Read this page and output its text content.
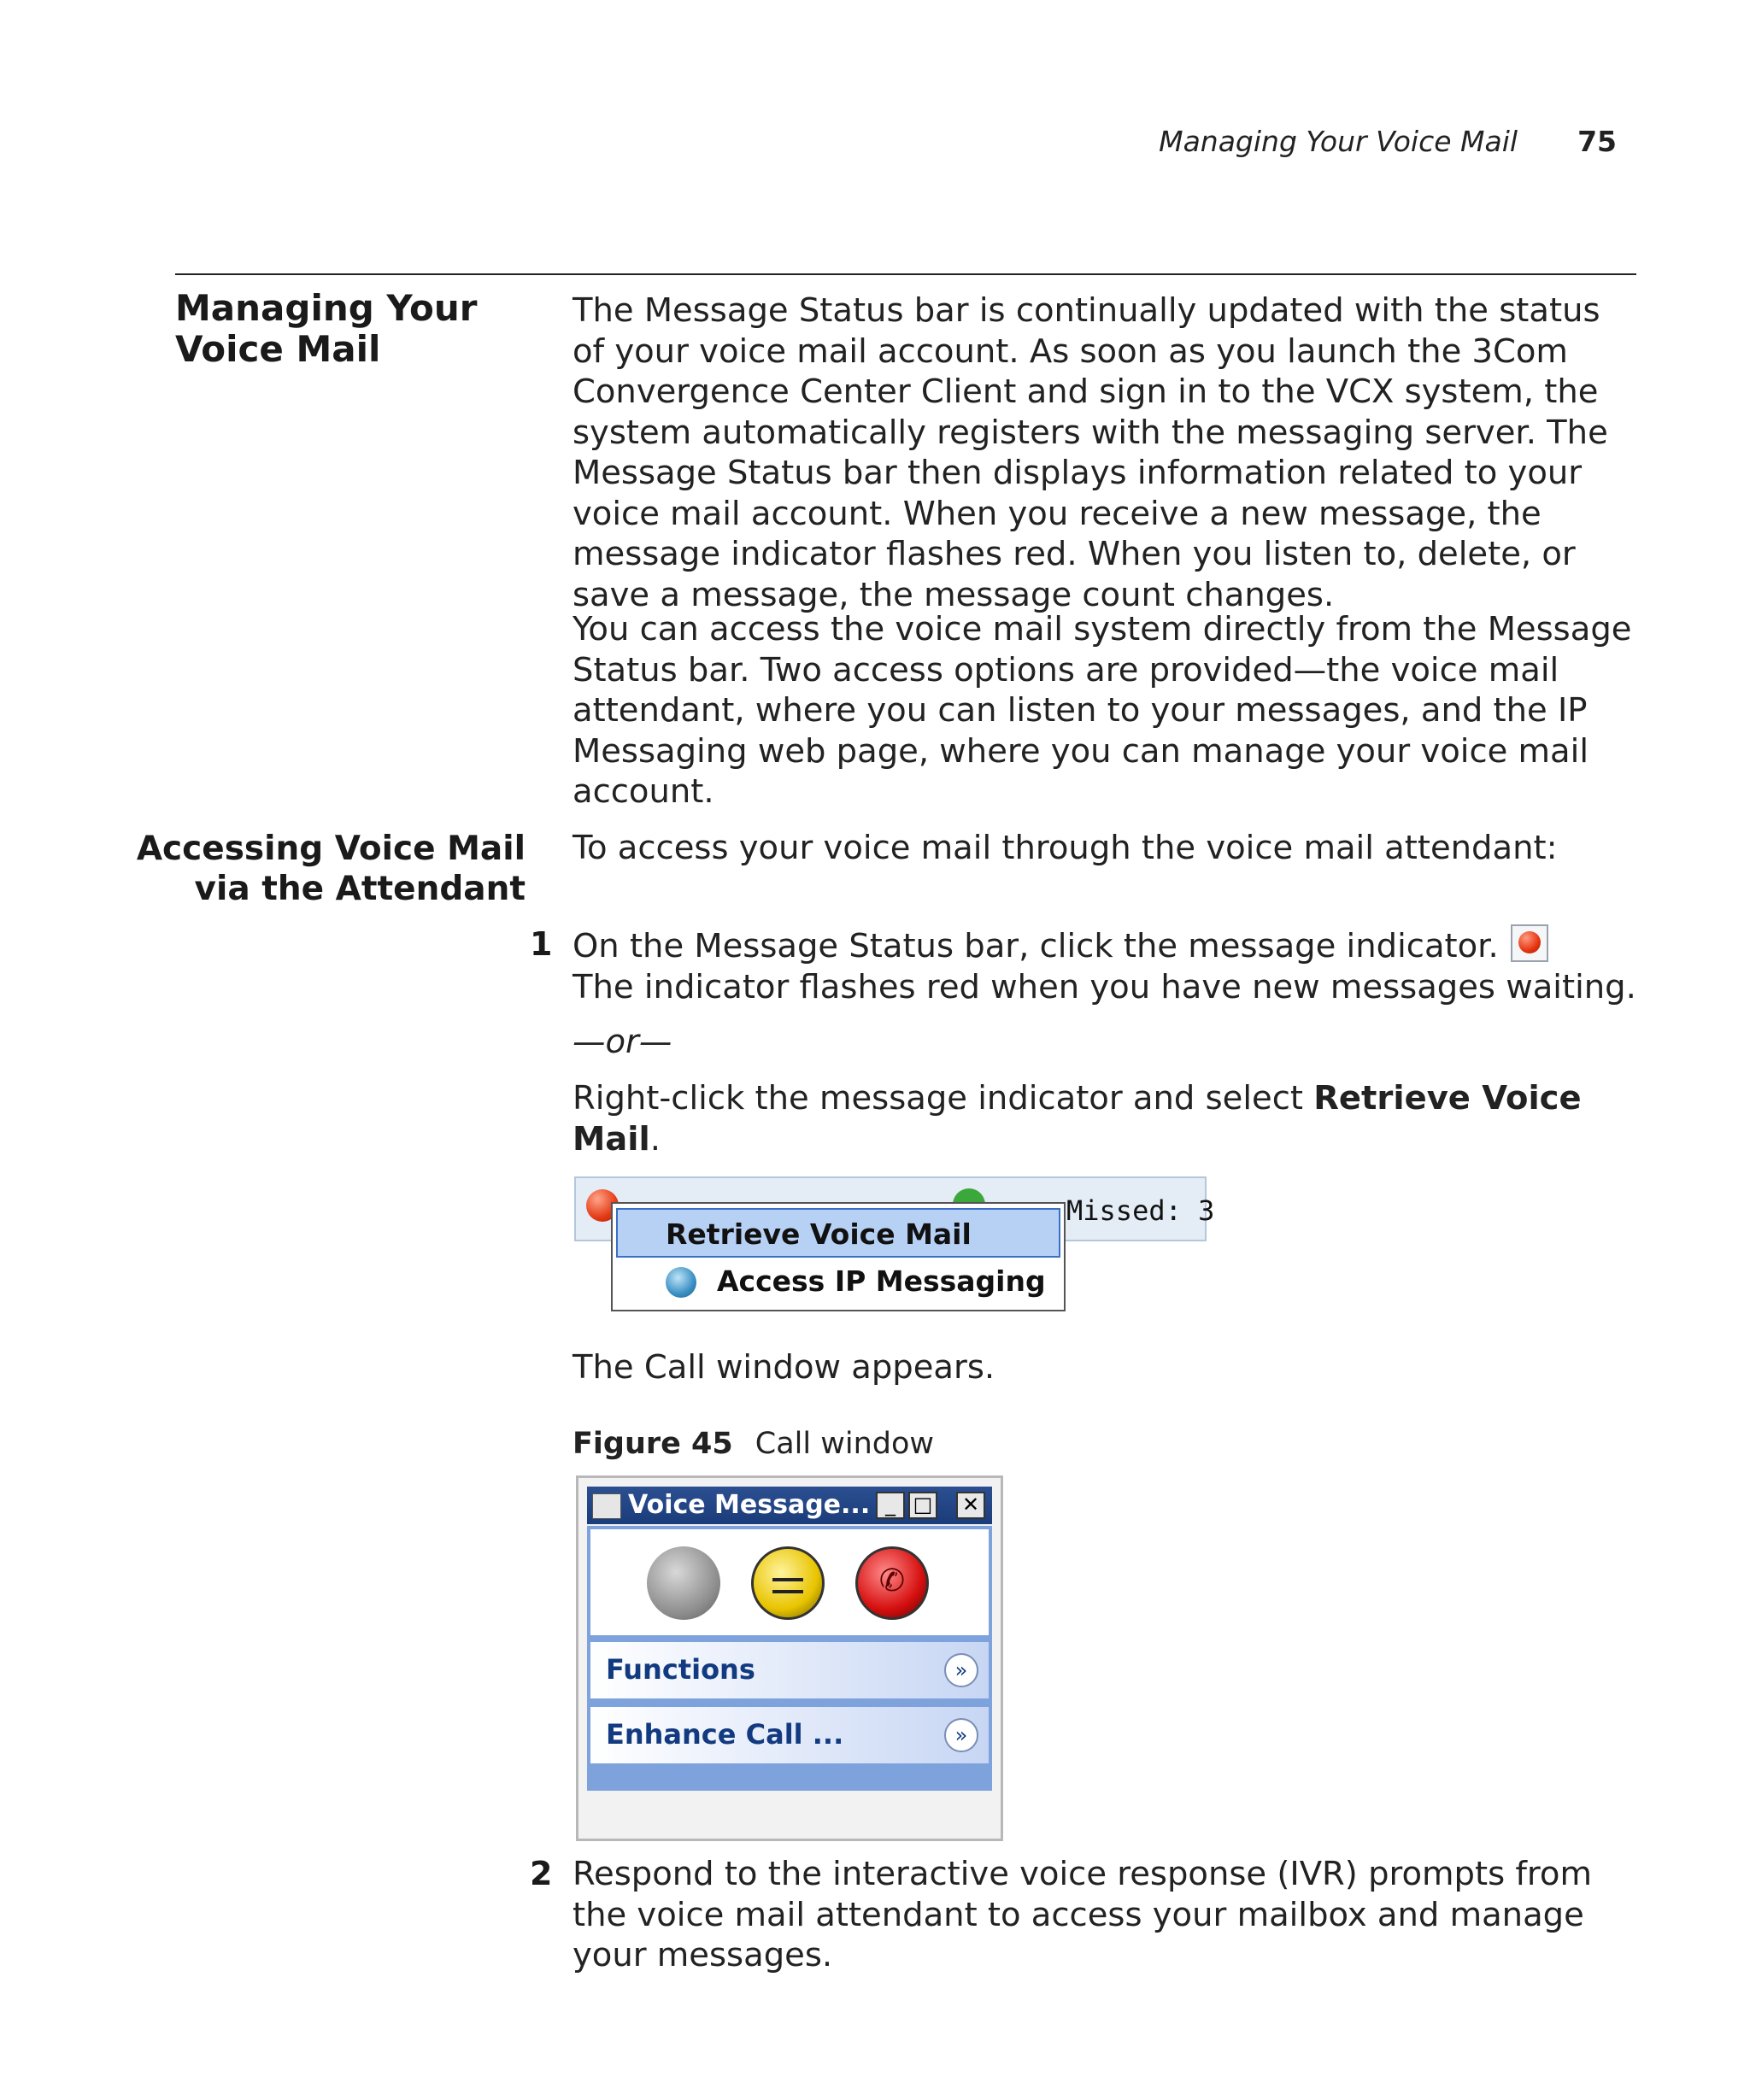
Managing Your Voice Mail 75
Managing Your
Voice Mail
The Message Status bar is continually updated with the status of your voice mail account. As soon as you launch the 3Com Convergence Center Client and sign in to the VCX system, the system automatically registers with the messaging server. The Message Status bar then displays information related to your voice mail account. When you receive a new message, the message indicator flashes red. When you listen to, delete, or save a message, the message count changes.
You can access the voice mail system directly from the Message Status bar. Two access options are provided—the voice mail attendant, where you can listen to your messages, and the IP Messaging web page, where you can manage your voice mail account.
Accessing Voice Mail
via the Attendant
To access your voice mail through the voice mail attendant:
1 On the Message Status bar, click the message indicator.
The indicator flashes red when you have new messages waiting.
—or—
Right-click the message indicator and select Retrieve Voice Mail.
Missed: 3
Retrieve Voice Mail
Access IP Messaging
The Call window appears.
Figure 45 Call window
Voice Message... _ □ ✕
✆
Functions	»
Enhance Call ...	»
2 Respond to the interactive voice response (IVR) prompts from the voice mail attendant to access your mailbox and manage your messages.
